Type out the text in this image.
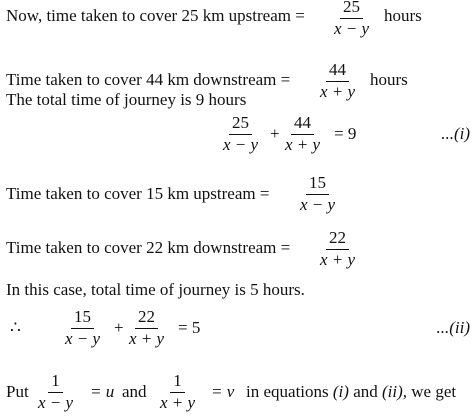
Now, time taken to cover 25 km upstream = $\frac{25}{x - y}$ hours
Time taken to cover 44 km downstream = $\frac{44}{x + y}$ hours
The total time of journey is 9 hours
$\frac{25}{x - y} + \frac{44}{x + y} = 9$	...(i)
Time taken to cover 15 km upstream = $\frac{15}{x - y}$
Time taken to cover 22 km downstream = $\frac{22}{x + y}$
In this case, total time of journey is 5 hours.
∴	$\frac{15}{x - y} + \frac{22}{x + y} = 5$	...(ii)
Put $\frac{1}{x - y} = u$ and $\frac{1}{x + y} = v$ in equations (i) and (ii), we get
